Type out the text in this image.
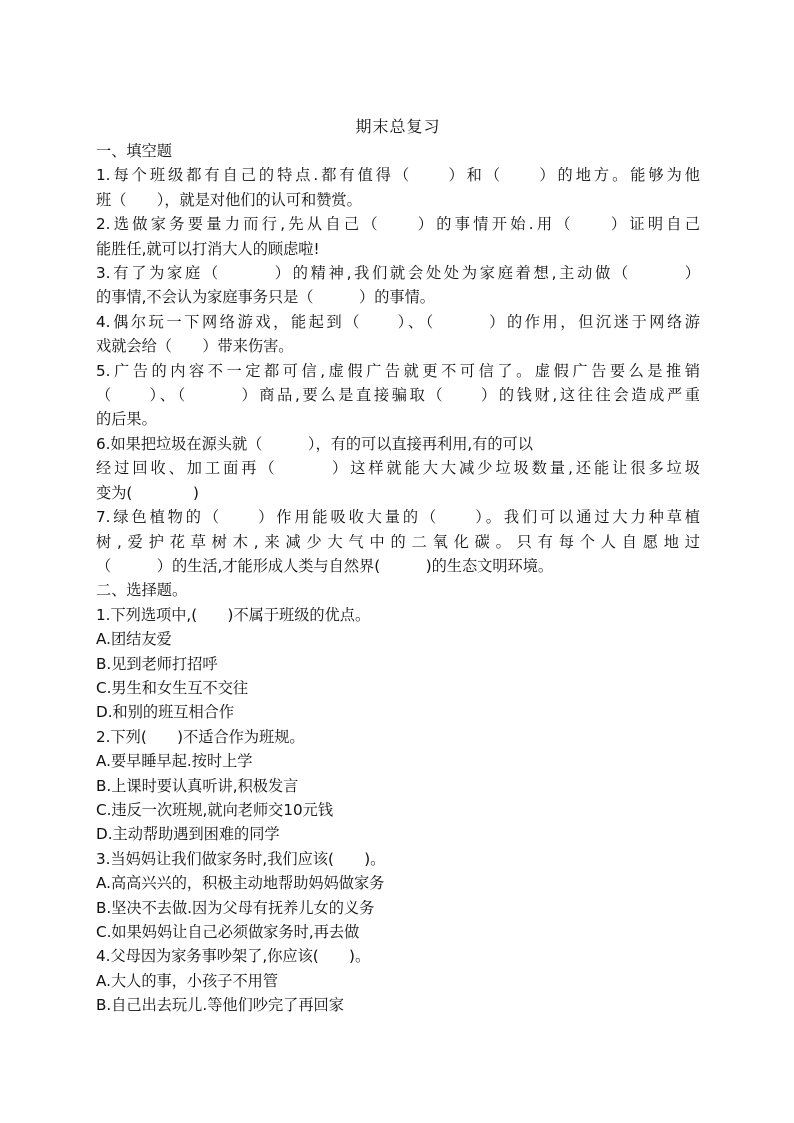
期末总复习

一、填空题

1.每个班级都有自己的特点.都有值得（　　）和（　　）的地方。能够为他

班（　　），就是对他们的认可和赞赏。

2.选做家务要量力而行,先从自己（　　）的事情开始.用（　　）证明自己

能胜任,就可以打消大人的顾虑啦!

3.有了为家庭（　　　）的精神,我们就会处处为家庭着想,主动做（　　　）

的事情,不会认为家庭事务只是（　　　）的事情。

4.偶尔玩一下网络游戏，能起到（　　）、（　　　）的作用，但沉迷于网络游

戏就会给（　　）带来伤害。

5.广告的内容不一定都可信,虚假广告就更不可信了。虚假广告要么是推销

（　　）、（　　　）商品,要么是直接骗取（　　）的钱财,这往往会造成严重

的后果。

6.如果把垃圾在源头就（　　　），有的可以直接再利用,有的可以

经过回收、加工面再（　　　）这样就能大大减少垃圾数量,还能让很多垃圾

变为(　　　　)

7.绿色植物的（　　）作用能吸收大量的（　　）。我们可以通过大力种草植

树,爱护花草树木,来减少大气中的二氧化碳。只有每个人自愿地过

（　　　）的生活,才能形成人类与自然界(　　　)的生态文明环境。

二、选择题。

1.下列选项中,(　　)不属于班级的优点。

A.团结友爱

B.见到老师打招呼

C.男生和女生互不交往

D.和别的班互相合作

2.下列(　　)不适合作为班规。

A.要早睡早起.按时上学

B.上课时要认真听讲,积极发言

C.违反一次班规,就向老师交10元钱

D.主动帮助遇到困难的同学

3.当妈妈让我们做家务时,我们应该(　　)。

A.高高兴兴的，积极主动地帮助妈妈做家务

B.坚决不去做.因为父母有抚养儿女的义务

C.如果妈妈让自己必须做家务时,再去做

4.父母因为家务事吵架了,你应该(　　)。

A.大人的事，小孩子不用管

B.自己出去玩儿.等他们吵完了再回家
